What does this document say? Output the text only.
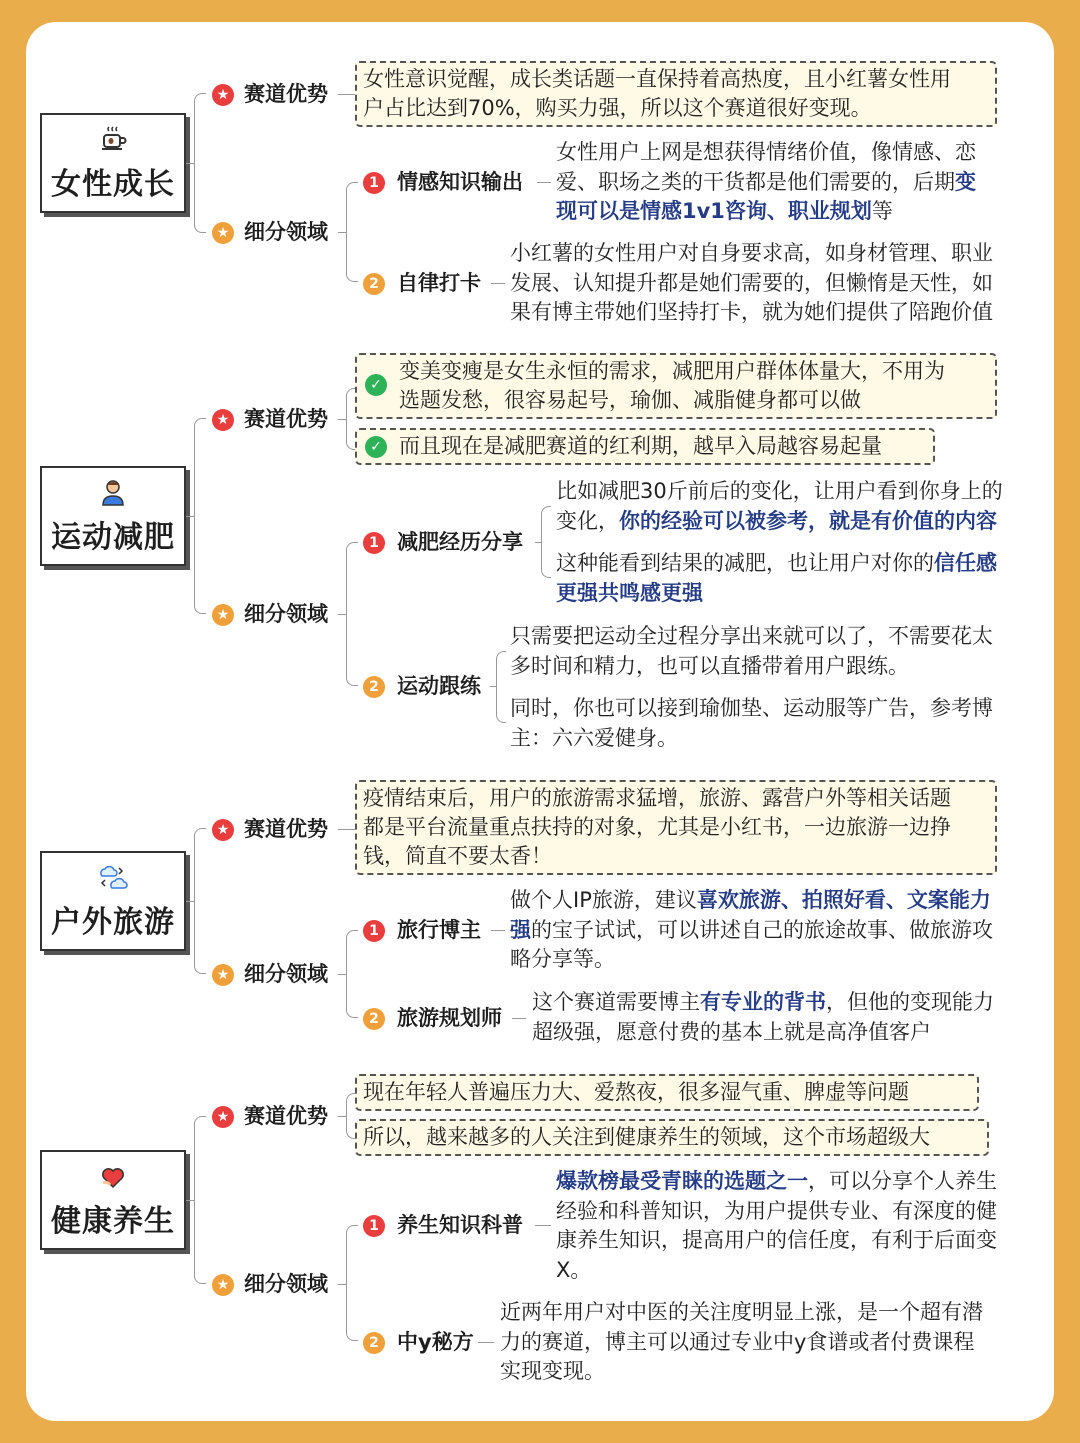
女性成长
★ 赛道优势
★ 细分领域
女性意识觉醒，成长类话题一直保持着高热度，且小红薯女性用
户占比达到70%，购买力强，所以这个赛道很好变现。
1 情感知识输出
女性用户上网是想获得情绪价值，像情感、恋
爱、职场之类的干货都是他们需要的，后期变
现可以是情感1v1咨询、职业规划等
2 自律打卡
小红薯的女性用户对自身要求高，如身材管理、职业
发展、认知提升都是她们需要的，但懒惰是天性，如
果有博主带她们坚持打卡，就为她们提供了陪跑价值
运动减肥
★ 赛道优势
★ 细分领域
✓
变美变瘦是女生永恒的需求，减肥用户群体体量大，不用为
选题发愁，很容易起号，瑜伽、减脂健身都可以做
✓ 而且现在是减肥赛道的红利期，越早入局越容易起量
1 减肥经历分享
比如减肥30斤前后的变化，让用户看到你身上的
变化，你的经验可以被参考，就是有价值的内容
这种能看到结果的减肥，也让用户对你的信任感
更强共鸣感更强
2 运动跟练
只需要把运动全过程分享出来就可以了，不需要花太
多时间和精力，也可以直播带着用户跟练。
同时，你也可以接到瑜伽垫、运动服等广告，参考博
主：六六爱健身。
户外旅游
★ 赛道优势
★ 细分领域
疫情结束后，用户的旅游需求猛增，旅游、露营户外等相关话题
都是平台流量重点扶持的对象，尤其是小红书，一边旅游一边挣
钱，简直不要太香！
1 旅行博主
做个人IP旅游，建议喜欢旅游、拍照好看、文案能力
强的宝子试试，可以讲述自己的旅途故事、做旅游攻
略分享等。
2 旅游规划师
这个赛道需要博主有专业的背书，但他的变现能力
超级强，愿意付费的基本上就是高净值客户
健康养生
★ 赛道优势
★ 细分领域
现在年轻人普遍压力大、爱熬夜，很多湿气重、脾虚等问题
所以，越来越多的人关注到健康养生的领域，这个市场超级大
1 养生知识科普
爆款榜最受青睐的选题之一，可以分享个人养生
经验和科普知识，为用户提供专业、有深度的健
康养生知识，提高用户的信任度，有利于后面变
X。
2 中y秘方
近两年用户对中医的关注度明显上涨，是一个超有潜
力的赛道，博主可以通过专业中y食谱或者付费课程
实现变现。
